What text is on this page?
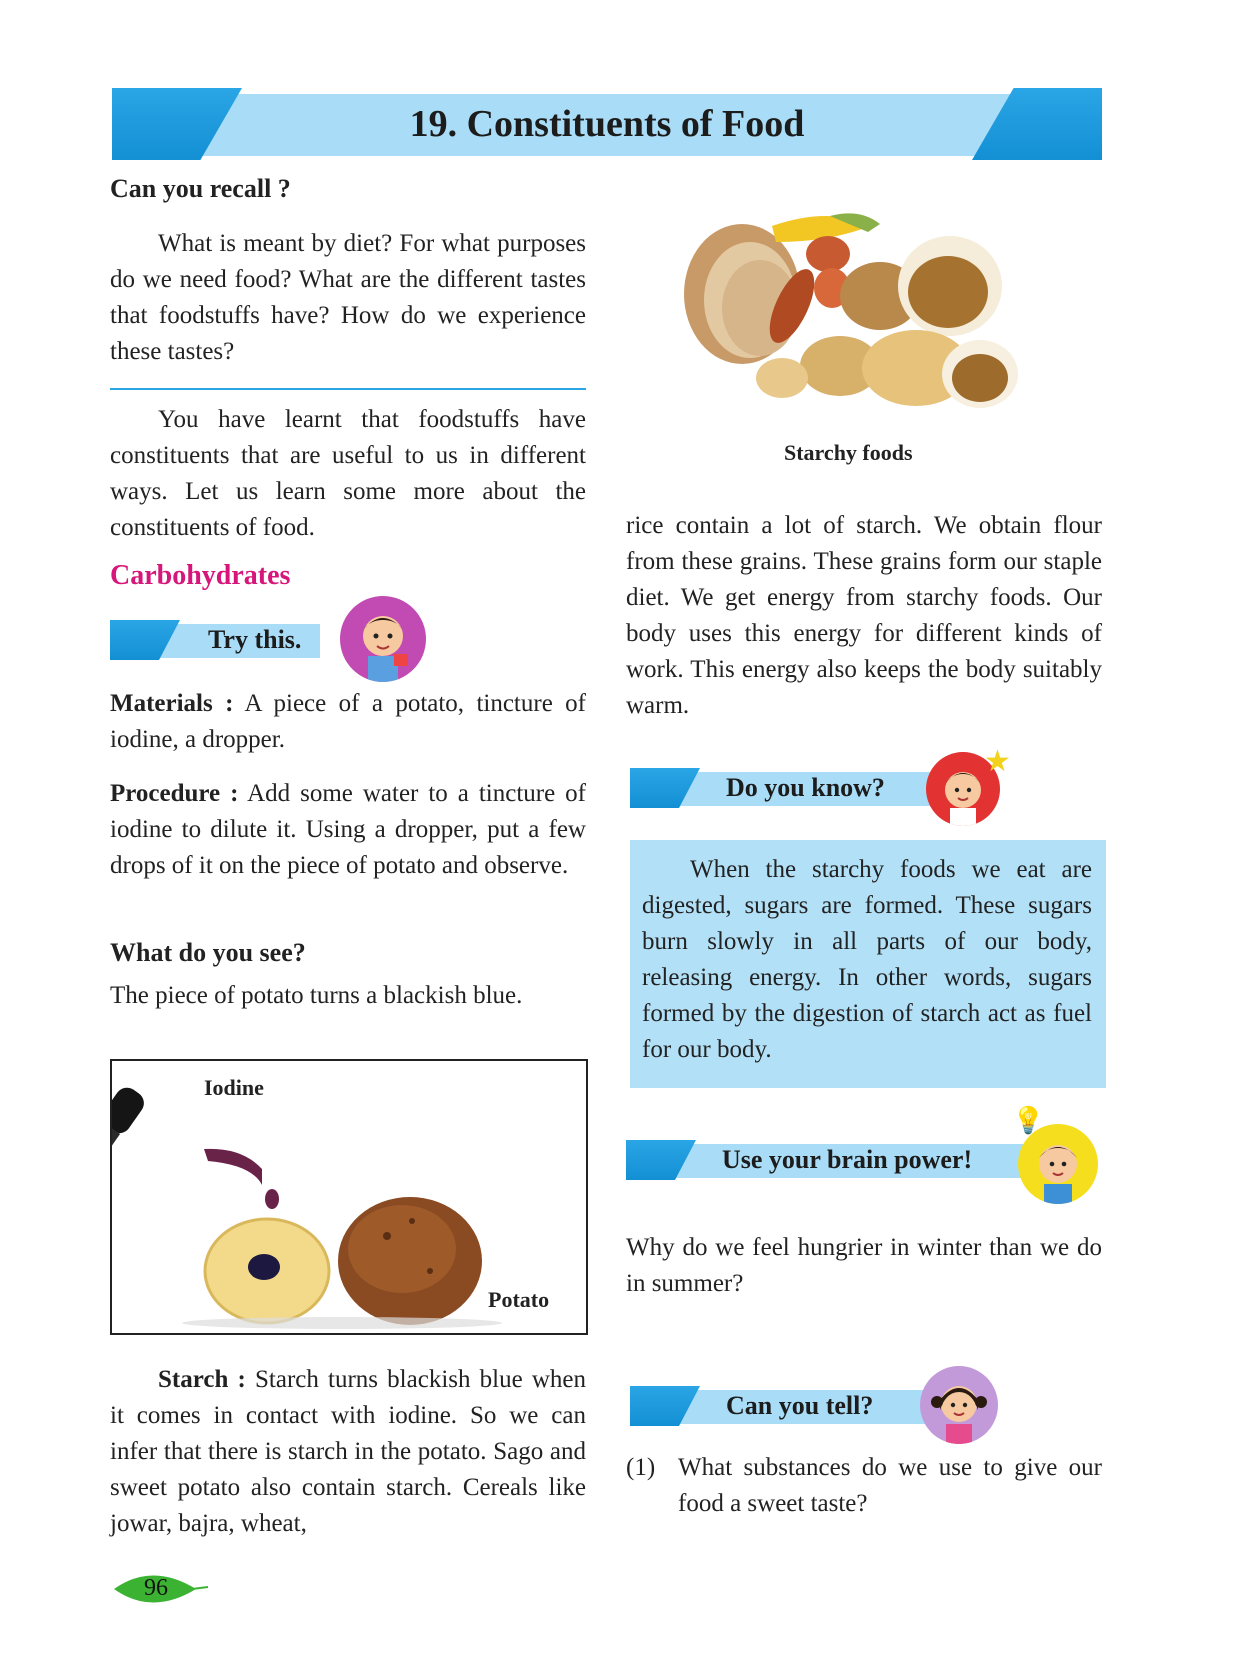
19. Constituents of Food
Can you recall ?

What is meant by diet? For what purposes do we need food? What are the different tastes that foodstuffs have? How do we experience these tastes?

You have learnt that foodstuffs have constituents that are useful to us in different ways. Let us learn some more about the constituents of food.

Carbohydrates
Try this.

Materials : A piece of a potato, tincture of iodine, a dropper.

Procedure : Add some water to a tincture of iodine to dilute it. Using a dropper, put a few drops of it on the piece of potato and observe.

What do you see?

The piece of potato turns a blackish blue.

Iodine
Potato

Starch : Starch turns blackish blue when it comes in contact with iodine. So we can infer that there is starch in the potato. Sago and sweet potato also contain starch. Cereals like jowar, bajra, wheat,

Starchy foods

rice contain a lot of starch. We obtain flour from these grains. These grains form our staple diet. We get energy from starchy foods. Our body uses this energy for different kinds of work. This energy also keeps the body suitably warm.

Do you know?
★

When the starchy foods we eat are digested, sugars are formed. These sugars burn slowly in all parts of our body, releasing energy. In other words, sugars formed by the digestion of starch act as fuel for our body.

Use your brain power!
💡

Why do we feel hungrier in winter than we do in summer?

Can you tell?
(1) What substances do we use to give our food a sweet taste?

96
